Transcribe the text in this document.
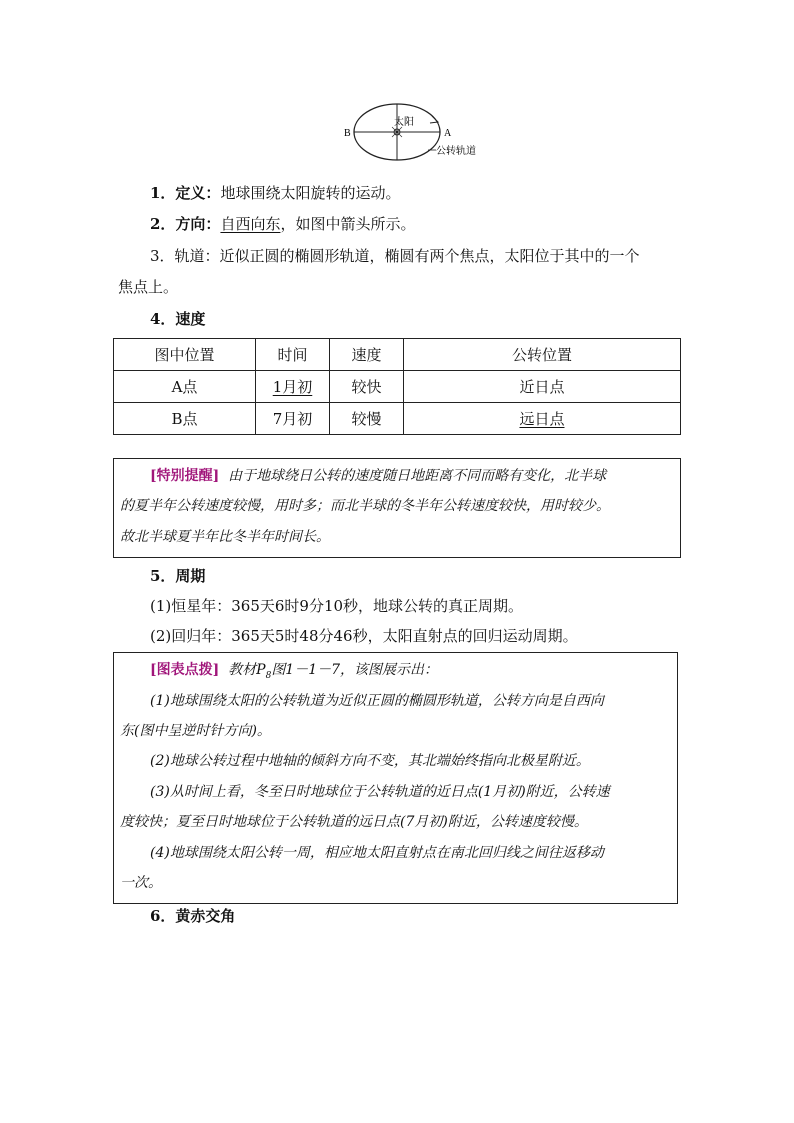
B	A
太阳
公转轨道
1．定义：地球围绕太阳旋转的运动。
2．方向：自西向东，如图中箭头所示。
3．轨道：近似正圆的椭圆形轨道，椭圆有两个焦点，太阳位于其中的一个
焦点上。
4．速度
图中位置	时间	速度	公转位置
A点	1月初	较快	近日点
B点	7月初	较慢	远日点
[特别提醒] 由于地球绕日公转的速度随日地距离不同而略有变化，北半球
的夏半年公转速度较慢，用时多；而北半球的冬半年公转速度较快，用时较少。
故北半球夏半年比冬半年时间长。
5．周期
(1)恒星年：365天6时9分10秒，地球公转的真正周期。
(2)回归年：365天5时48分46秒，太阳直射点的回归运动周期。
[图表点拨] 教材$P_8$图1－1－7，该图展示出：
(1)地球围绕太阳的公转轨道为近似正圆的椭圆形轨道，公转方向是自西向
东(图中呈逆时针方向)。
(2)地球公转过程中地轴的倾斜方向不变，其北端始终指向北极星附近。
(3)从时间上看，冬至日时地球位于公转轨道的近日点(1月初)附近，公转速
度较快；夏至日时地球位于公转轨道的远日点(7月初)附近，公转速度较慢。
(4)地球围绕太阳公转一周，相应地太阳直射点在南北回归线之间往返移动
一次。
6．黄赤交角
